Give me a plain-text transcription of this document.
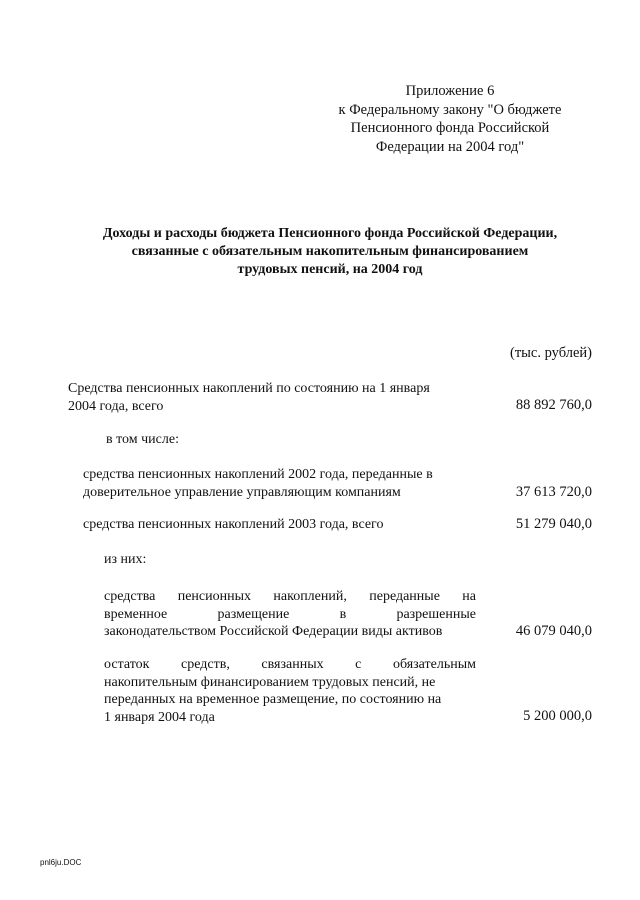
Приложение 6
к Федеральному закону "О бюджете
Пенсионного фонда Российской
Федерации на 2004 год"
Доходы и расходы бюджета Пенсионного фонда Российской Федерации,
связанные с обязательным накопительным финансированием
трудовых пенсий, на 2004 год
(тыс. рублей)
Средства пенсионных накоплений по состоянию на 1 января
2004 года, всего	88 892 760,0
в том числе:
средства пенсионных накоплений 2002 года, переданные в
доверительное управление управляющим компаниям	37 613 720,0
средства пенсионных накоплений 2003 года, всего	51 279 040,0
из них:
средства пенсионных накоплений, переданные на
временное размещение в разрешенные
законодательством Российской Федерации виды активов	46 079 040,0
остаток средств, связанных с обязательным
накопительным финансированием трудовых пенсий, не
переданных на временное размещение, по состоянию на
1 января 2004 года	5 200 000,0
pnl6ju.DOC
